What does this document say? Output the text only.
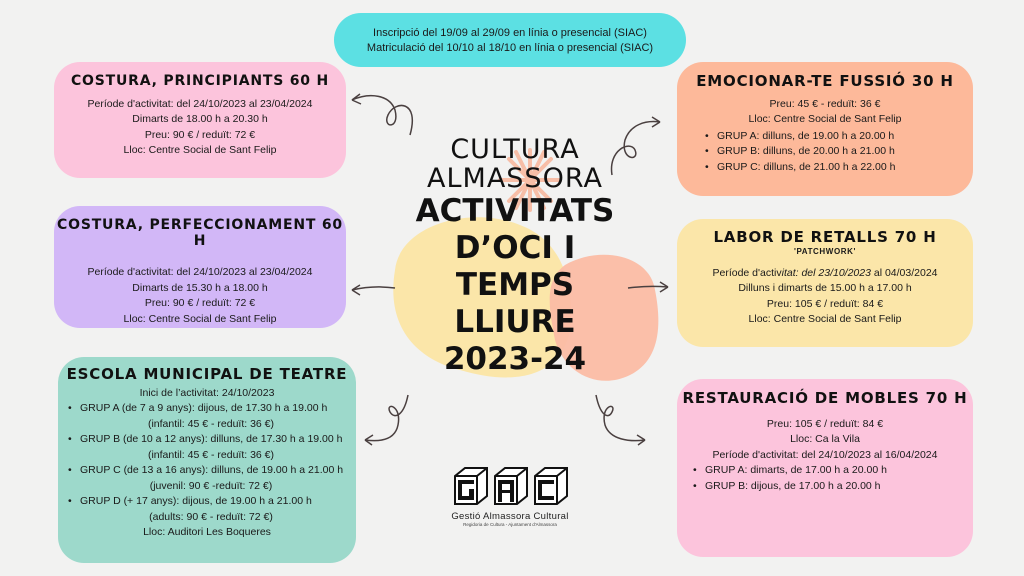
Inscripció del 19/09 al 29/09 en línia o presencial (SIAC)

Matriculació del 10/10 al 18/10 en línia o presencial (SIAC)

COSTURA, PRINCIPIANTS 60 H

Període d'activitat: del 24/10/2023 al 23/04/2024

Dimarts de 18.00 h a 20.30 h

Preu: 90 € / reduït: 72 €

Lloc: Centre Social de Sant Felip

COSTURA, PERFECCIONAMENT 60 H

Període d'activitat: del 24/10/2023 al 23/04/2024

Dimarts de 15.30 h a 18.00 h

Preu: 90 € / reduït: 72 €

Lloc: Centre Social de Sant Felip

ESCOLA MUNICIPAL DE TEATRE

Inici de l’activitat: 24/10/2023

• GRUP A (de 7 a 9 anys): dijous, de 17.30 h a 19.00 h
(infantil: 45 € - reduït: 36 €)
• GRUP B (de 10 a 12 anys): dilluns, de 17.30 h a 19.00 h
(infantil: 45 € - reduït: 36 €)
• GRUP C (de 13 a 16 anys): dilluns, de 19.00 h a 21.00 h
(juvenil: 90 € -reduït: 72 €)
• GRUP D (+ 17 anys): dijous, de 19.00 h a 21.00 h
(adults: 90 € - reduït: 72 €)

Lloc: Auditori Les Boqueres

EMOCIONAR-TE FUSSIÓ 30 H

Preu: 45 € - reduït: 36 €

Lloc: Centre Social de Sant Felip

• GRUP A: dilluns, de 19.00 h a 20.00 h
• GRUP B: dilluns, de 20.00 h a 21.00 h
• GRUP C: dilluns, de 21.00 h a 22.00 h
LABOR DE RETALLS 70 H

'PATCHWORK'

Període d'activitat: del 23/10/2023 al 04/03/2024

Dilluns i dimarts de 15.00 h a 17.00 h

Preu: 105 € / reduït: 84 €

Lloc: Centre Social de Sant Felip

RESTAURACIÓ DE MOBLES 70 H

Preu: 105 € / reduït: 84 €

Lloc: Ca la Vila

Període d'activitat: del 24/10/2023 al 16/04/2024

• GRUP A: dimarts, de 17.00 h a 20.00 h
• GRUP B: dijous, de 17.00 h a 20.00 h
CULTURA
ALMASSORA
ACTIVITATS
D’OCI I
TEMPS
LLIURE
2023-24
Gestió Almassora Cultural
Regidoria de Cultura - Ajuntament d'Almassora
